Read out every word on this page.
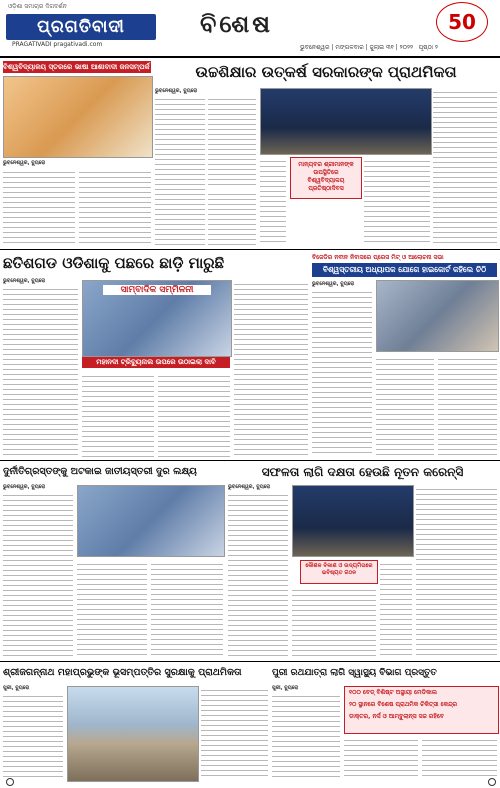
ଓଡ଼ିଶା ସମାଚାର ଦିଗଦର୍ଶନ
ପ୍ରଗତିବାଦୀ
PRAGATIVADI pragativadi.com
ବିଶେଷ	50
ଭୁବନେଶ୍ୱର | ମଙ୍ଗଳବାର | ଜୁଲାଇ ୩୧ | ୨୦୨୨ ପୃଷ୍ଠା ୨
ବିଶ୍ୱବିଦ୍ୟାଳୟ ସ୍ତରରେ ଭାଷା ଆଶାବାଦୀ ଜନସମ୍ପର୍କ ଆହ୍ୱାନ
ଭୁବନେଶ୍ୱର, ବ୍ୟୁରୋ
ଉଚ୍ଚଶିକ୍ଷାର ଉତ୍କର୍ଷ ସରକାରଙ୍କ ପ୍ରାଥମିକତା
ଭୁବନେଶ୍ୱର, ବ୍ୟୁରୋ
ମାନ୍ୟବର ଶ୍ରୀମାନଙ୍କ ଉପସ୍ଥିତିରେ ବିଶ୍ୱବିଦ୍ୟାଳୟ ପ୍ରତିଷ୍ଠାଦିବସ
ଛତିଶଗଡ ଓଡିଶାକୁ ପଛରେ ଛାଡ଼ି ମାରୁଛି
ଭୁବନେଶ୍ୱର, ବ୍ୟୁରୋ
ସାମ୍ବାଦିକ ସମ୍ମିଳନୀ
ମହାନଦୀ ଟ୍ରିବ୍ୟୁନାଲ ଉପରେ ଉଠାଇଲା ଦାବି
ବିଜେଡିର ନବୀନ ନିବାସରେ ପ୍ରେସ ମିଟ୍ ଓ ଆଲୋଚନା ସଭା
ବିଶ୍ୱସ୍ତରୀୟ ଅଧ୍ୟାପକ ଯୋଗେ ହାଇକୋର୍ଟ କହିଲେ ଚିଠି
ଭୁବନେଶ୍ୱର, ବ୍ୟୁରୋ
ଦୁର୍ନୀତିଗ୍ରସ୍ତଙ୍କୁ ଅଟକାଇ ଜାତୀୟସ୍ତରୀ ଦୁର ଲକ୍ଷ୍ୟ
ଭୁବନେଶ୍ୱର, ବ୍ୟୁରୋ
ସଫଳତା ଲାଗି ଦକ୍ଷତା ହେଉଛି ନୂତନ କରେନ୍ସି
ଭୁବନେଶ୍ୱର, ବ୍ୟୁରୋ
କୌଶଳ ବିକାଶ ଓ ଉଦ୍ୟମିତାରେ ଭବିଷ୍ୟତ ଗଠନ
ଶ୍ରୀଜଗନ୍ନାଥ ମହାପ୍ରଭୁଙ୍କ ଭୂସମ୍ପତ୍ତିର ସୁରକ୍ଷାକୁ ପ୍ରାଥମିକତା
ପୁରୀ, ବ୍ୟୁରୋ
ପୁରୀ ରଥଯାତ୍ରା ଲାଗି ସ୍ୱାସ୍ଥ୍ୟ ବିଭାଗ ପ୍ରସ୍ତୁତ
ପୁରୀ, ବ୍ୟୁରୋ
୧୦୦ ବେଡ୍ ବିଶିଷ୍ଟ ଅସ୍ଥାୟୀ ମେଡିକାଲ
୨୦ ସ୍ଥାନରେ ବିଶେଷ ପ୍ରାଥମିକ ଚିକିତ୍ସା କେନ୍ଦ୍ର
ଡାକ୍ତର, ନର୍ସ ଓ ଆମ୍ବୁଲାନ୍ସ ସଜ ରହିବେ
